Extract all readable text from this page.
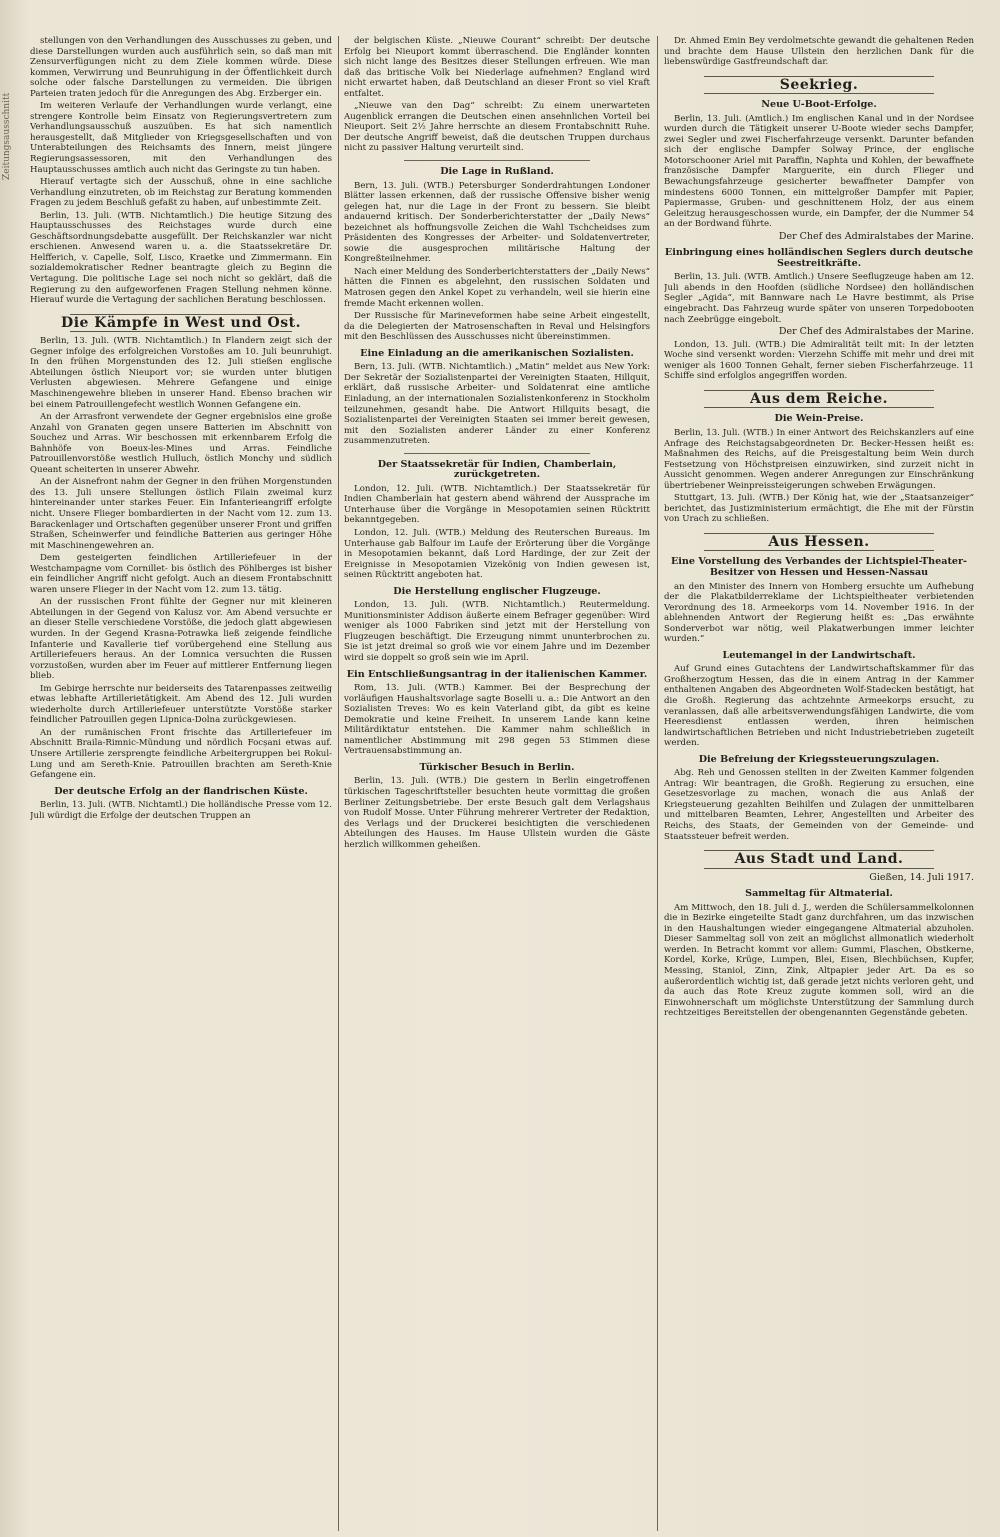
Zeitungsausschnitt

stellungen von den Verhandlungen des Ausschusses zu geben, und diese Darstellungen wurden auch ausführlich sein, so daß man mit Zensurverfügungen nicht zu dem Ziele kommen würde. Diese kommen, Verwirrung und Beunruhigung in der Öffentlichkeit durch solche oder falsche Darstellungen zu vermeiden. Die übrigen Parteien traten jedoch für die Anregungen des Abg. Erzberger ein.

Im weiteren Verlaufe der Verhandlungen wurde verlangt, eine strengere Kontrolle beim Einsatz von Regierungsvertretern zum Verhandlungsausschuß auszuüben. Es hat sich namentlich herausgestellt, daß Mitglieder von Kriegsgesellschaften und von Unterabteilungen des Reichsamts des Innern, meist jüngere Regierungsassessoren, mit den Verhandlungen des Hauptausschusses amtlich auch nicht das Geringste zu tun haben.

Hierauf vertagte sich der Ausschuß, ohne in eine sachliche Verhandlung einzutreten, ob im Reichstag zur Beratung kommenden Fragen zu jedem Beschluß gefaßt zu haben, auf unbestimmte Zeit.

Berlin, 13. Juli. (WTB. Nichtamtlich.) Die heutige Sitzung des Hauptausschusses des Reichstages wurde durch eine Geschäftsordnungsdebatte ausgefüllt. Der Reichskanzler war nicht erschienen. Anwesend waren u. a. die Staatssekretäre Dr. Helfferich, v. Capelle, Solf, Lisco, Kraetke und Zimmermann. Ein sozialdemokratischer Redner beantragte gleich zu Beginn die Vertagung. Die politische Lage sei noch nicht so geklärt, daß die Regierung zu den aufgeworfenen Fragen Stellung nehmen könne. Hierauf wurde die Vertagung der sachlichen Beratung beschlossen.

Die Kämpfe in West und Ost.

Berlin, 13. Juli. (WTB. Nichtamtlich.) In Flandern zeigt sich der Gegner infolge des erfolgreichen Vorstoßes am 10. Juli beunruhigt. In den frühen Morgenstunden des 12. Juli stießen englische Abteilungen östlich Nieuport vor; sie wurden unter blutigen Verlusten abgewiesen. Mehrere Gefangene und einige Maschinengewehre blieben in unserer Hand. Ebenso brachen wir bei einem Patrouillengefecht westlich Wonnen Gefangene ein.

An der Arrasfront verwendete der Gegner ergebnislos eine große Anzahl von Granaten gegen unsere Batterien im Abschnitt von Souchez und Arras. Wir beschossen mit erkennbarem Erfolg die Bahnhöfe von Boeux-les-Mines und Arras. Feindliche Patrouillenvorstöße westlich Hulluch, östlich Monchy und südlich Queant scheiterten in unserer Abwehr.

An der Aisnefront nahm der Gegner in den frühen Morgenstunden des 13. Juli unsere Stellungen östlich Filain zweimal kurz hintereinander unter starkes Feuer. Ein Infanterieangriff erfolgte nicht. Unsere Flieger bombardierten in der Nacht vom 12. zum 13. Barackenlager und Ortschaften gegenüber unserer Front und griffen Straßen, Scheinwerfer und feindliche Batterien aus geringer Höhe mit Maschinengewehren an.

Dem gesteigerten feindlichen Artilleriefeuer in der Westchampagne vom Cornillet- bis östlich des Pöhlberges ist bisher ein feindlicher Angriff nicht gefolgt. Auch an diesem Frontabschnitt waren unsere Flieger in der Nacht vom 12. zum 13. tätig.

An der russischen Front fühlte der Gegner nur mit kleineren Abteilungen in der Gegend von Kalusz vor. Am Abend versuchte er an dieser Stelle verschiedene Vorstöße, die jedoch glatt abgewiesen wurden. In der Gegend Krasna-Potrawka ließ zeigende feindliche Infanterie und Kavallerie tief vorübergehend eine Stellung aus Artilleriefeuers heraus. An der Lomnica versuchten die Russen vorzustoßen, wurden aber im Feuer auf mittlerer Entfernung liegen blieb.

Im Gebirge herrschte nur beiderseits des Tatarenpasses zeitweilig etwas lebhafte Artillerietätigkeit. Am Abend des 12. Juli wurden wiederholte durch Artilleriefeuer unterstützte Vorstöße starker feindlicher Patrouillen gegen Lipnica-Dolna zurückgewiesen.

An der rumänischen Front frischte das Artilleriefeuer im Abschnitt Braila-Rimnic-Mündung und nördlich Focșani etwas auf. Unsere Artillerie zersprengte feindliche Arbeitergruppen bei Rokul-Lung und am Sereth-Knie. Patrouillen brachten am Sereth-Knie Gefangene ein.

Der deutsche Erfolg an der flandrischen Küste.

Berlin, 13. Juli. (WTB. Nichtamtl.) Die holländische Presse vom 12. Juli würdigt die Erfolge der deutschen Truppen an

der belgischen Küste. „Nieuwe Courant“ schreibt: Der deutsche Erfolg bei Nieuport kommt überraschend. Die Engländer konnten sich nicht lange des Besitzes dieser Stellungen erfreuen. Wie man daß das britische Volk bei Niederlage aufnehmen? England wird nicht erwartet haben, daß Deutschland an dieser Front so viel Kraft entfaltet.

„Nieuwe van den Dag“ schreibt: Zu einem unerwarteten Augenblick errangen die Deutschen einen ansehnlichen Vorteil bei Nieuport. Seit 2½ Jahre herrschte an diesem Frontabschnitt Ruhe. Der deutsche Angriff beweist, daß die deutschen Truppen durchaus nicht zu passiver Haltung verurteilt sind.

Die Lage in Rußland.

Bern, 13. Juli. (WTB.) Petersburger Sonderdrahtungen Londoner Blätter lassen erkennen, daß der russische Offensive bisher wenig gelegen hat, nur die Lage in der Front zu bessern. Sie bleibt andauernd kritisch. Der Sonderberichterstatter der „Daily News“ bezeichnet als hoffnungsvolle Zeichen die Wahl Tschcheidses zum Präsidenten des Kongresses der Arbeiter- und Soldatenvertreter, sowie die ausgesprochen militärische Haltung der Kongreßteilnehmer.

Nach einer Meldung des Sonderberichterstatters der „Daily News“ hätten die Finnen es abgelehnt, den russischen Soldaten und Matrosen gegen den Ankel Kopet zu verhandeln, weil sie hierin eine fremde Macht erkennen wollen.

Der Russische für Marineveformen habe seine Arbeit eingestellt, da die Delegierten der Matrosenschaften in Reval und Helsingfors mit den Beschlüssen des Ausschusses nicht übereinstimmen.

Eine Einladung an die amerikanischen Sozialisten.

Bern, 13. Juli. (WTB. Nichtamtlich.) „Matin“ meldet aus New York: Der Sekretär der Sozialistenpartei der Vereinigten Staaten, Hillquit, erklärt, daß russische Arbeiter- und Soldatenrat eine amtliche Einladung, an der internationalen Sozialistenkonferenz in Stockholm teilzunehmen, gesandt habe. Die Antwort Hillquits besagt, die Sozialistenpartei der Vereinigten Staaten sei immer bereit gewesen, mit den Sozialisten anderer Länder zu einer Konferenz zusammenzutreten.

Der Staatssekretär für Indien, Chamberlain, zurückgetreten.

London, 12. Juli. (WTB. Nichtamtlich.) Der Staatssekretär für Indien Chamberlain hat gestern abend während der Aussprache im Unterhause über die Vorgänge in Mesopotamien seinen Rücktritt bekanntgegeben.

London, 12. Juli. (WTB.) Meldung des Reuterschen Bureaus. Im Unterhause gab Balfour im Laufe der Erörterung über die Vorgänge in Mesopotamien bekannt, daß Lord Hardinge, der zur Zeit der Ereignisse in Mesopotamien Vizekönig von Indien gewesen ist, seinen Rücktritt angeboten hat.

Die Herstellung englischer Flugzeuge.

London, 13. Juli. (WTB. Nichtamtlich.) Reutermeldung. Munitionsminister Addison äußerte einem Befrager gegenüber: Wird weniger als 1000 Fabriken sind jetzt mit der Herstellung von Flugzeugen beschäftigt. Die Erzeugung nimmt ununterbrochen zu. Sie ist jetzt dreimal so groß wie vor einem Jahre und im Dezember wird sie doppelt so groß sein wie im April.

Ein Entschließungsantrag in der italienischen Kammer.

Rom, 13. Juli. (WTB.) Kammer. Bei der Besprechung der vorläufigen Haushaltsvorlage sagte Boselli u. a.: Die Antwort an den Sozialisten Treves: Wo es kein Vaterland gibt, da gibt es keine Demokratie und keine Freiheit. In unserem Lande kann keine Militärdiktatur entstehen. Die Kammer nahm schließlich in namentlicher Abstimmung mit 298 gegen 53 Stimmen diese Vertrauensabstimmung an.

Türkischer Besuch in Berlin.

Berlin, 13. Juli. (WTB.) Die gestern in Berlin eingetroffenen türkischen Tageschriftsteller besuchten heute vormittag die großen Berliner Zeitungsbetriebe. Der erste Besuch galt dem Verlagshaus von Rudolf Mosse. Unter Führung mehrerer Vertreter der Redaktion, des Verlags und der Druckerei besichtigten die verschiedenen Abteilungen des Hauses. Im Hause Ullstein wurden die Gäste herzlich willkommen geheißen.

Dr. Ahmed Emin Bey verdolmetschte gewandt die gehaltenen Reden und brachte dem Hause Ullstein den herzlichen Dank für die liebenswürdige Gastfreundschaft dar.

Seekrieg.
Neue U-Boot-Erfolge.

Berlin, 13. Juli. (Amtlich.) Im englischen Kanal und in der Nordsee wurden durch die Tätigkeit unserer U-Boote wieder sechs Dampfer, zwei Segler und zwei Fischerfahrzeuge versenkt. Darunter befanden sich der englische Dampfer Solway Prince, der englische Motorschooner Ariel mit Paraffin, Naphta und Kohlen, der bewaffnete französische Dampfer Marguerite, ein durch Flieger und Bewachungsfahrzeuge gesicherter bewaffneter Dampfer von mindestens 6000 Tonnen, ein mittelgroßer Dampfer mit Papier, Papiermasse, Gruben- und geschnittenem Holz, der aus einem Geleitzug herausgeschossen wurde, ein Dampfer, der die Nummer 54 an der Bordwand führte.

Der Chef des Admiralstabes der Marine.
Einbringung eines holländischen Seglers durch deutsche Seestreitkräfte.

Berlin, 13. Juli. (WTB. Amtlich.) Unsere Seeflugzeuge haben am 12. Juli abends in den Hoofden (südliche Nordsee) den holländischen Segler „Agida“, mit Bannware nach Le Havre bestimmt, als Prise eingebracht. Das Fahrzeug wurde später von unseren Torpedobooten nach Zeebrügge eingebolt.

Der Chef des Admiralstabes der Marine.

London, 13. Juli. (WTB.) Die Admiralität teilt mit: In der letzten Woche sind versenkt worden: Vierzehn Schiffe mit mehr und drei mit weniger als 1600 Tonnen Gehalt, ferner sieben Fischerfahrzeuge. 11 Schiffe sind erfolglos angegriffen worden.

Aus dem Reiche.
Die Wein-Preise.

Berlin, 13. Juli. (WTB.) In einer Antwort des Reichskanzlers auf eine Anfrage des Reichstagsabgeordneten Dr. Becker-Hessen heißt es: Maßnahmen des Reichs, auf die Preisgestaltung beim Wein durch Festsetzung von Höchstpreisen einzuwirken, sind zurzeit nicht in Aussicht genommen. Wegen anderer Anregungen zur Einschränkung übertriebener Weinpreissteigerungen schweben Erwägungen.

Stuttgart, 13. Juli. (WTB.) Der König hat, wie der „Staatsanzeiger“ berichtet, das Justizministerium ermächtigt, die Ehe mit der Fürstin von Urach zu schließen.

Aus Hessen.
Eine Vorstellung des Verbandes der Lichtspiel-Theater-Besitzer von Hessen und Hessen-Nassau

an den Minister des Innern von Homberg ersuchte um Aufhebung der die Plakatbilderreklame der Lichtspieltheater verbietenden Verordnung des 18. Armeekorps vom 14. November 1916. In der ablehnenden Antwort der Regierung heißt es: „Das erwähnte Sonderverbot war nötig, weil Plakatwerbungen immer leichter wurden.“

Leutemangel in der Landwirtschaft.

Auf Grund eines Gutachtens der Landwirtschaftskammer für das Großherzogtum Hessen, das die in einem Antrag in der Kammer enthaltenen Angaben des Abgeordneten Wolf-Stadecken bestätigt, hat die Großh. Regierung das achtzehnte Armeekorps ersucht, zu veranlassen, daß alle arbeitsverwendungsfähigen Landwirte, die vom Heeresdienst entlassen werden, ihren heimischen landwirtschaftlichen Betrieben und nicht Industriebetrieben zugeteilt werden.

Die Befreiung der Kriegssteuerungszulagen.

Abg. Reh und Genossen stellten in der Zweiten Kammer folgenden Antrag: Wir beantragen, die Großh. Regierung zu ersuchen, eine Gesetzesvorlage zu machen, wonach die aus Anlaß der Kriegsteuerung gezahlten Beihilfen und Zulagen der unmittelbaren und mittelbaren Beamten, Lehrer, Angestellten und Arbeiter des Reichs, des Staats, der Gemeinden von der Gemeinde- und Staatssteuer befreit werden.

Aus Stadt und Land.
Gießen, 14. Juli 1917.
Sammeltag für Altmaterial.

Am Mittwoch, den 18. Juli d. J., werden die Schülersammelkolonnen die in Bezirke eingeteilte Stadt ganz durchfahren, um das inzwischen in den Haushaltungen wieder eingegangene Altmaterial abzuholen. Dieser Sammeltag soll von zeit an möglichst allmonatlich wiederholt werden. In Betracht kommt vor allem: Gummi, Flaschen, Obstkerne, Kordel, Korke, Krüge, Lumpen, Blei, Eisen, Blechbüchsen, Kupfer, Messing, Staniol, Zinn, Zink, Altpapier jeder Art. Da es so außerordentlich wichtig ist, daß gerade jetzt nichts verloren geht, und da auch das Rote Kreuz zugute kommen soll, wird an die Einwohnerschaft um möglichste Unterstützung der Sammlung durch rechtzeitiges Bereitstellen der obengenannten Gegenstände gebeten.
